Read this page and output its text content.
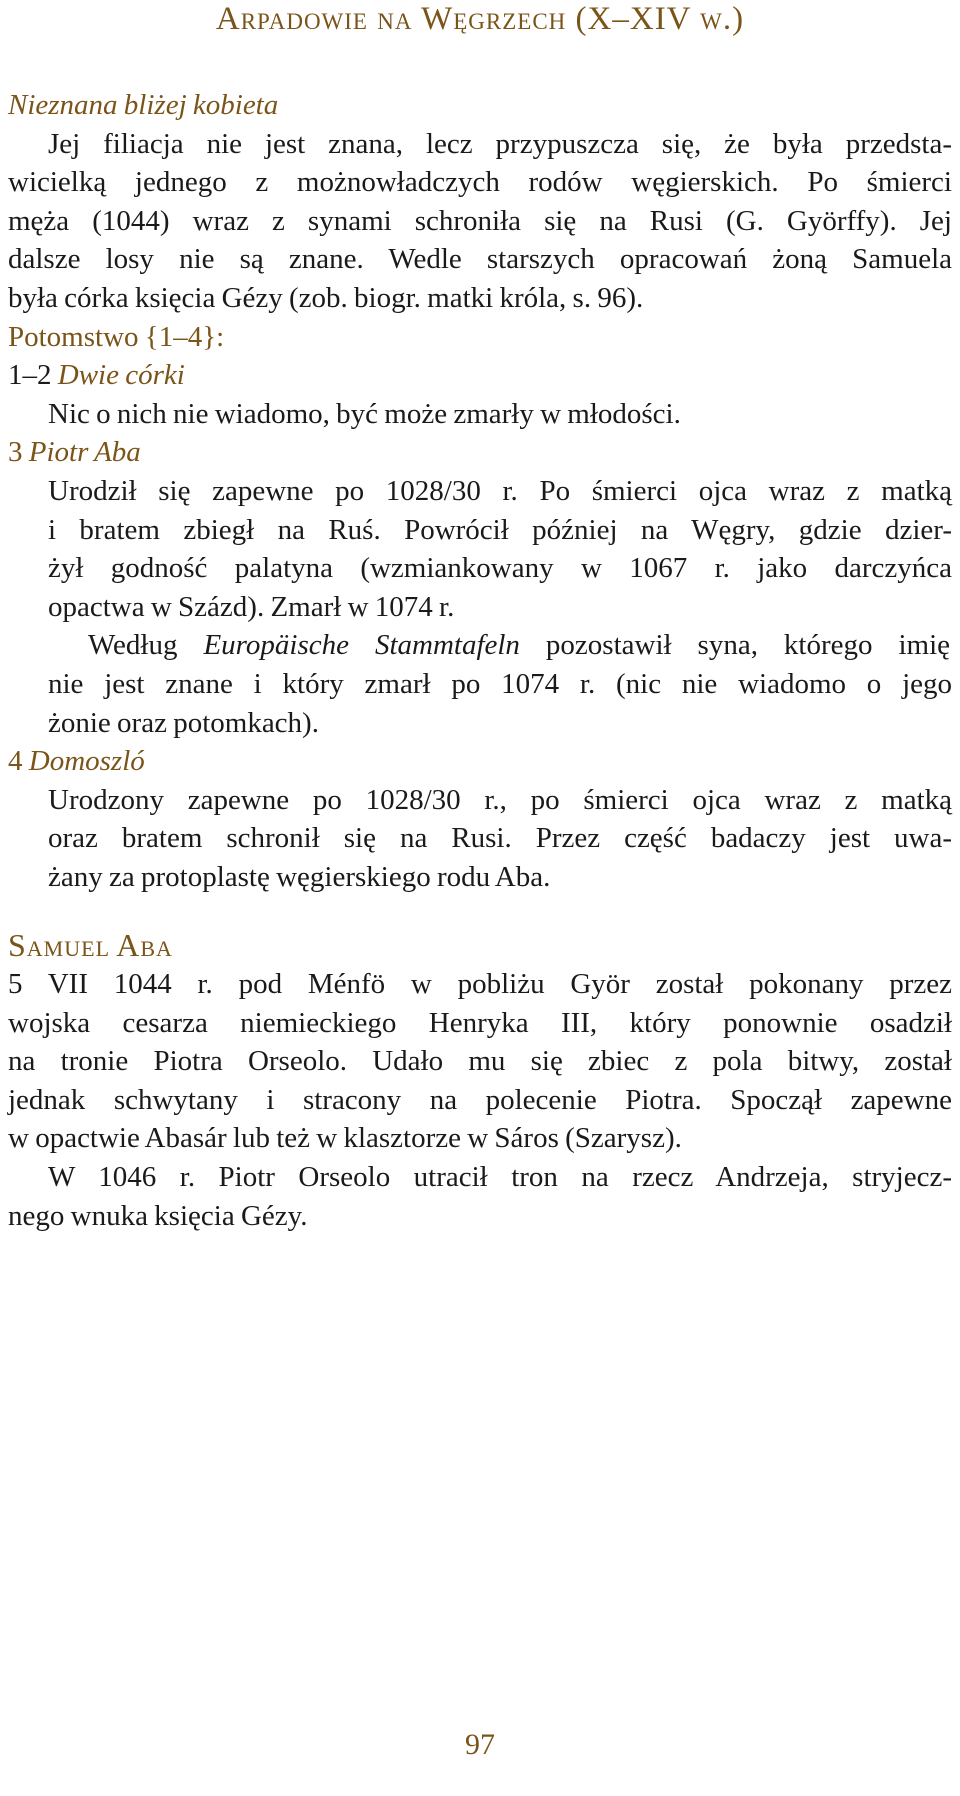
Arpadowie na Węgrzech (X–XIV w.)
Nieznana bliżej kobieta
Jej filiacja nie jest znana, lecz przypuszcza się, że była przedsta-
wicielką jednego z możnowładczych rodów węgierskich. Po śmierci
męża (1044) wraz z synami schroniła się na Rusi (G. Györffy). Jej
dalsze losy nie są znane. Wedle starszych opracowań żoną Samuela
była córka księcia Gézy (zob. biogr. matki króla, s. 96).
Potomstwo {1–4}:
1–2 Dwie córki
Nic o nich nie wiadomo, być może zmarły w młodości.
3 Piotr Aba
Urodził się zapewne po 1028/30 r. Po śmierci ojca wraz z matką
i bratem zbiegł na Ruś. Powrócił później na Węgry, gdzie dzier-
żył godność palatyna (wzmiankowany w 1067 r. jako darczyńca
opactwa w Százd). Zmarł w 1074 r.
Według Europäische Stammtafeln pozostawił syna, którego imię
nie jest znane i który zmarł po 1074 r. (nic nie wiadomo o jego
żonie oraz potomkach).
4 Domoszló
Urodzony zapewne po 1028/30 r., po śmierci ojca wraz z matką
oraz bratem schronił się na Rusi. Przez część badaczy jest uwa-
żany za protoplastę węgierskiego rodu Aba.
Samuel Aba
5 VII 1044 r. pod Ménfö w pobliżu Györ został pokonany przez
wojska cesarza niemieckiego Henryka III, który ponownie osadził
na tronie Piotra Orseolo. Udało mu się zbiec z pola bitwy, został
jednak schwytany i stracony na polecenie Piotra. Spoczął zapewne
w opactwie Abasár lub też w klasztorze w Sáros (Szarysz).
W 1046 r. Piotr Orseolo utracił tron na rzecz Andrzeja, stryjecz-
nego wnuka księcia Gézy.
97
